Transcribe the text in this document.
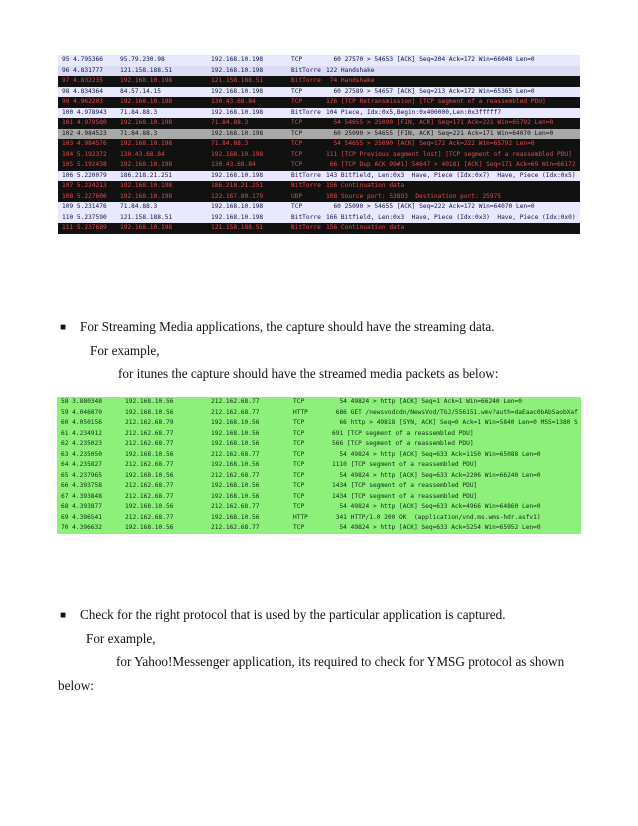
95 4.795366	95.79.230.98	192.168.10.198	TCP	60 27570 > 54653 [ACK] Seq=204 Ack=172 Win=66048 Len=0
96 4.831777	121.158.188.51	192.168.10.198	BitTorre 122 Handshake
97 4.832235	192.168.10.198	121.158.188.51	BitTorre 74 Handshake
98 4.834364	84.57.14.15	192.168.10.198	TCP	60 27589 > 54657 [ACK] Seq=213 Ack=172 Win=65365 Len=0
99 4.962203	192.168.10.198	130.43.68.84	TCP	176 [TCP Retransmission] [TCP segment of a reassembled PDU]
100 4.978943 71.84.88.3	192.168.10.198	BitTorre 104 Piece, Idx:0x5,Begin:0x400000,Len:0x3fffff7
101 4.979580 192.168.10.198	71.84.88.3	TCP	54 54655 > 25090 [FIN, ACK] Seq=171 Ack=221 Win=65792 Len=0
102 4.984523 71.84.88.3	192.168.10.198	TCP	60 25090 > 54655 [FIN, ACK] Seq=221 Ack=171 Win=64070 Len=0
103 4.984576 192.168.10.198	71.84.88.3	TCP	54 54655 > 25090 [ACK] Seq=172 Ack=222 Win=65792 Len=0
104 5.192372 130.43.68.84	192.168.10.198	TCP	111 [TCP Previous segment lost] [TCP segment of a reassembled PDU]
105 5.192438 192.168.10.198	130.43.68.84	TCP	66 [TCP Dup ACK 99#1] 54647 > 40181 [ACK] Seq=171 Ack=69 Win=66172
106 5.220079 186.218.21.251	192.168.10.198	BitTorre 143 Bitfield, Len:0x3  Have, Piece (Idx:0x7)  Have, Piece (Idx:0x5)
107 5.224213 192.168.10.198	186.218.21.251	BitTorre 156 Continuation data
108 5.227606 192.168.10.198	122.167.80.179	UDP	108 Source port: 53893  Destination port: 25975
109 5.231476 71.84.88.3	192.168.10.198	TCP	60 25090 > 54655 [ACK] Seq=222 Ack=172 Win=64070 Len=0
110 5.237590 121.158.188.51	192.168.10.198	BitTorre 166 Bitfield, Len:0x3  Have, Piece (Idx:0x3)  Have, Piece (Idx:0x0)
111 5.237689 192.168.10.198	121.158.188.51	BitTorre 156 Continuation data
■ For Streaming Media applications, the capture should have the streaming data.
For example,
for itunes the capture should have the streamed media packets as below:
58 3.880348	192.168.10.56	212.162.68.77	TCP	54 49824 > http [ACK] Seq=1 Ack=1 Win=66240 Len=0
59 4.046870	192.168.10.56	212.162.68.77	HTTP	686 GET /newsvodcdn/NewsVod/TGJ/556151.wmv?auth=daEaac0bAbSaobXaf
60 4.050156	212.162.68.79	192.168.10.56	TCP	66 http > 49818 [SYN, ACK] Seq=0 Ack=1 Win=5840 Len=0 MSS=1380 S
61 4.234912	212.162.68.77	192.168.10.56	TCP	691 [TCP segment of a reassembled PDU]
62 4.235023	212.162.68.77	192.168.10.56	TCP	566 [TCP segment of a reassembled PDU]
63 4.235050	192.168.10.56	212.162.68.77	TCP	54 49824 > http [ACK] Seq=633 Ack=1150 Win=65088 Len=0
64 4.235827	212.162.68.77	192.168.10.56	TCP	1110 [TCP segment of a reassembled PDU]
65 4.237965	192.168.10.56	212.162.68.77	TCP	54 49824 > http [ACK] Seq=633 Ack=2206 Win=66240 Len=0
66 4.393758	212.162.68.77	192.168.10.56	TCP	1434 [TCP segment of a reassembled PDU]
67 4.393848	212.162.68.77	192.168.10.56	TCP	1434 [TCP segment of a reassembled PDU]
68 4.393877	192.168.10.56	212.162.68.77	TCP	54 49824 > http [ACK] Seq=633 Ack=4966 Win=64860 Len=0
69 4.396541	212.162.68.77	192.168.10.56	HTTP	341 HTTP/1.0 200 OK  (application/vnd.ms.wms-hdr.asfv1)
70 4.396632	192.168.10.56	212.162.68.77	TCP	54 49824 > http [ACK] Seq=633 Ack=5254 Win=65952 Len=0
■ Check for the right protocol that is used by the particular application is captured.
For example,
for Yahoo!Messenger application, its required to check for YMSG protocol as shown
below:
